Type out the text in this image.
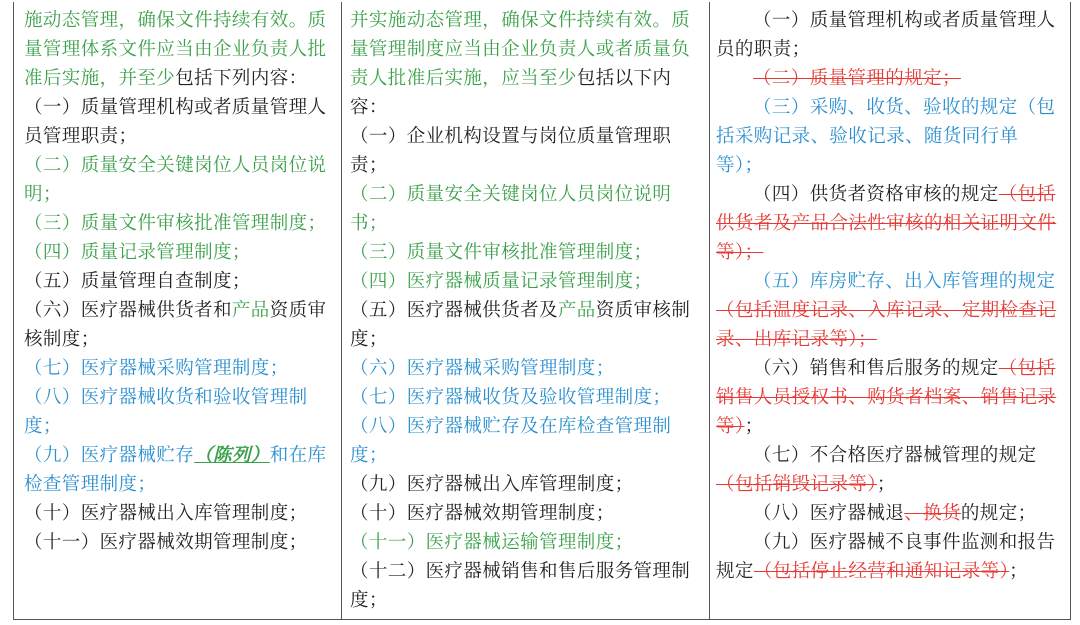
施动态管理，确保文件持续有效。质量管理体系文件应当由企业负责人批准后实施，并至少包括下列内容：
（一）质量管理机构或者质量管理人员管理职责；
（二）质量安全关键岗位人员岗位说明；
（三）质量文件审核批准管理制度；
（四）质量记录管理制度；
（五）质量管理自查制度；
（六）医疗器械供货者和产品资质审核制度；
（七）医疗器械采购管理制度；
（八）医疗器械收货和验收管理制度；
（九）医疗器械贮存（陈列）和在库检查管理制度；
（十）医疗器械出入库管理制度；
（十一）医疗器械效期管理制度；
并实施动态管理，确保文件持续有效。质量管理制度应当由企业负责人或者质量负责人批准后实施，应当至少包括以下内容：
（一）企业机构设置与岗位质量管理职责；
（二）质量安全关键岗位人员岗位说明书；
（三）质量文件审核批准管理制度；
（四）医疗器械质量记录管理制度；
（五）医疗器械供货者及产品资质审核制度；
（六）医疗器械采购管理制度；
（七）医疗器械收货及验收管理制度；
（八）医疗器械贮存及在库检查管理制度；
（九）医疗器械出入库管理制度；
（十）医疗器械效期管理制度；
（十一）医疗器械运输管理制度；
（十二）医疗器械销售和售后服务管理制度；
（一）质量管理机构或者质量管理人员的职责；
（二）质量管理的规定；
（三）采购、收货、验收的规定（包括采购记录、验收记录、随货同行单等）；
（四）供货者资格审核的规定（包括供货者及产品合法性审核的相关证明文件等）；
（五）库房贮存、出入库管理的规定（包括温度记录、入库记录、定期检查记录、出库记录等）；
（六）销售和售后服务的规定（包括销售人员授权书、购货者档案、销售记录等）；
（七）不合格医疗器械管理的规定（包括销毁记录等）；
（八）医疗器械退、换货的规定；
（九）医疗器械不良事件监测和报告规定（包括停止经营和通知记录等）；
